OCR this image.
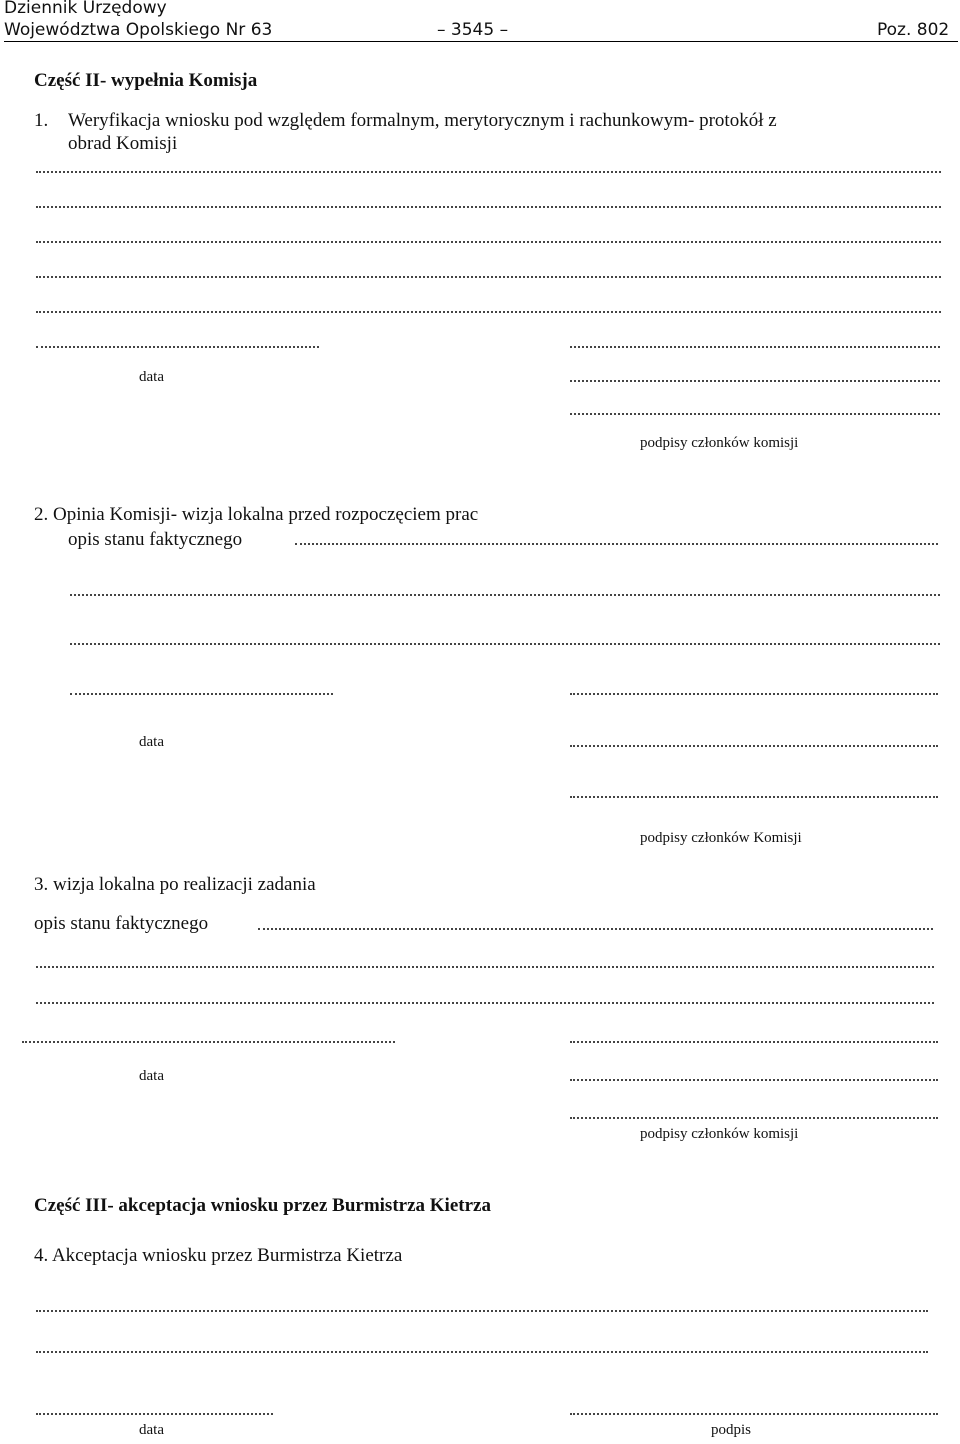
Dziennik Urzędowy
Województwa Opolskiego Nr 63	– 3545 –	Poz. 802
Część II- wypełnia Komisja
1. Weryfikacja wniosku pod względem formalnym, merytorycznym i rachunkowym- protokół z
obrad Komisji
data
podpisy członków komisji
2. Opinia Komisji- wizja lokalna przed rozpoczęciem prac
opis stanu faktycznego
data
podpisy członków Komisji
3. wizja lokalna po realizacji zadania
opis stanu faktycznego
data
podpisy członków komisji
Część III- akceptacja wniosku przez Burmistrza Kietrza
4. Akceptacja wniosku przez Burmistrza Kietrza
data	podpis
